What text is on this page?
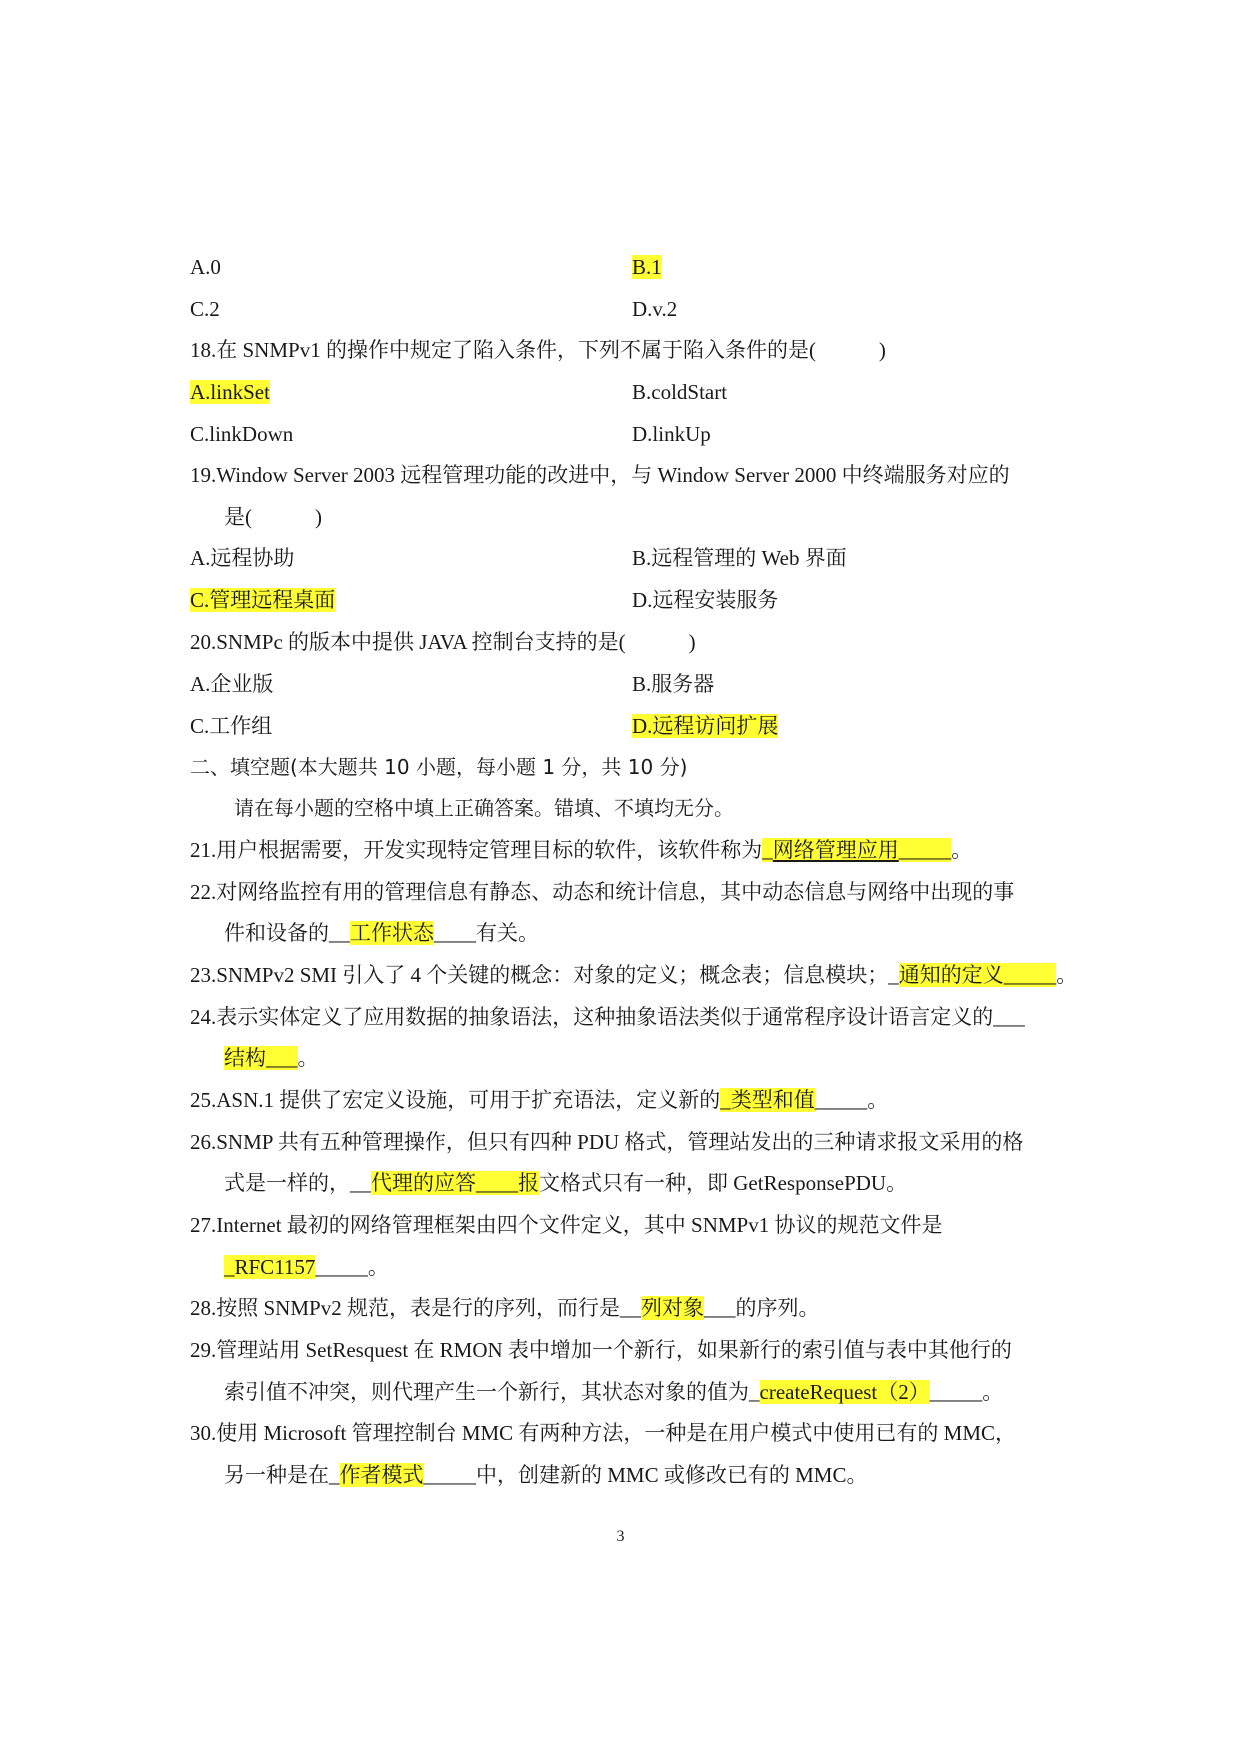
A.0	B.1
C.2	D.v.2
18.在 SNMPv1 的操作中规定了陷入条件，下列不属于陷入条件的是(　　　)
A.linkSet	B.coldStart
C.linkDown	D.linkUp
19.Window Server 2003 远程管理功能的改进中，与 Window Server 2000 中终端服务对应的
是(　　　)
A.远程协助	B.远程管理的 Web 界面
C.管理远程桌面	D.远程安装服务
20.SNMPc 的版本中提供 JAVA 控制台支持的是(　　　)
A.企业版	B.服务器
C.工作组	D.远程访问扩展
二、填空题(本大题共 10 小题，每小题 1 分，共 10 分)
请在每小题的空格中填上正确答案。错填、不填均无分。
21.用户根据需要，开发实现特定管理目标的软件，该软件称为_网络管理应用_____。
22.对网络监控有用的管理信息有静态、动态和统计信息，其中动态信息与网络中出现的事
件和设备的__工作状态____有关。
23.SNMPv2 SMI 引入了 4 个关键的概念：对象的定义；概念表；信息模块；_通知的定义_____。
24.表示实体定义了应用数据的抽象语法，这种抽象语法类似于通常程序设计语言定义的___
结构___。
25.ASN.1 提供了宏定义设施，可用于扩充语法，定义新的_类型和值_____。
26.SNMP 共有五种管理操作，但只有四种 PDU 格式，管理站发出的三种请求报文采用的格
式是一样的，__代理的应答____报文格式只有一种，即 GetResponsePDU。
27.Internet 最初的网络管理框架由四个文件定义，其中 SNMPv1 协议的规范文件是
_RFC1157_____。
28.按照 SNMPv2 规范，表是行的序列，而行是__列对象___的序列。
29.管理站用 SetResquest 在 RMON 表中增加一个新行，如果新行的索引值与表中其他行的
索引值不冲突，则代理产生一个新行，其状态对象的值为_createRequest（2）_____。
30.使用 Microsoft 管理控制台 MMC 有两种方法，一种是在用户模式中使用已有的 MMC，
另一种是在_作者模式_____中，创建新的 MMC 或修改已有的 MMC。
3
